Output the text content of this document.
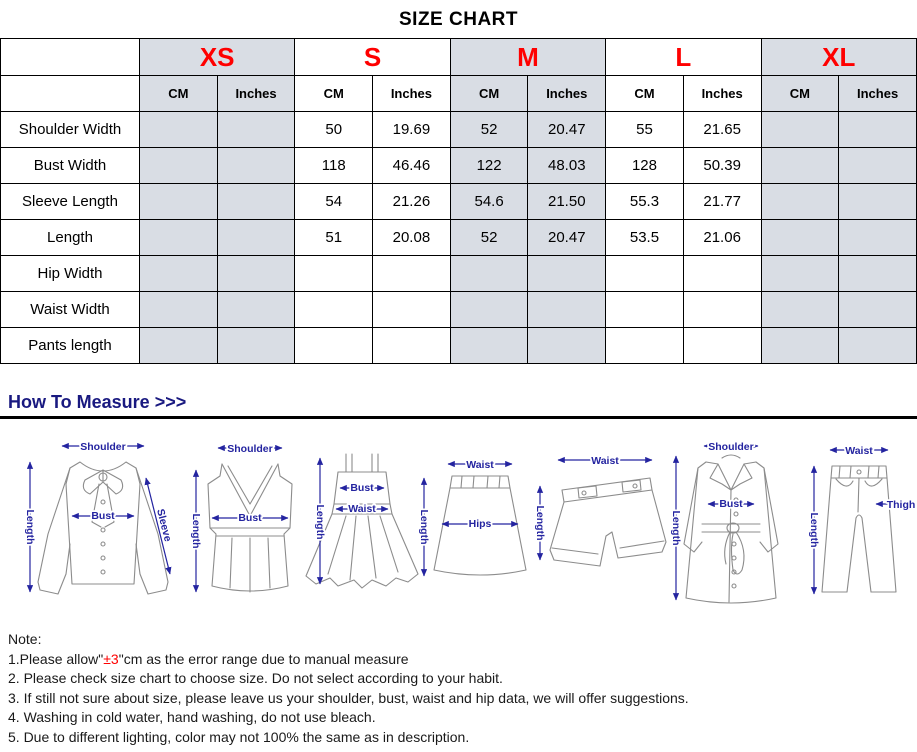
SIZE CHART
	XS		S		M		L		XL	
	CM	Inches	CM	Inches	CM	Inches	CM	Inches	CM	Inches
Shoulder Width			50	19.69	52	20.47	55	21.65		
Bust Width			118	46.46	122	48.03	128	50.39		
Sleeve Length			54	21.26	54.6	21.50	55.3	21.77		
Length			51	20.08	52	20.47	53.5	21.06		
Hip Width										
Waist Width										
Pants length										
How To Measure >>>
Shoulder
Bust	Sleeve
Length
Shoulder
Bust
Length
Bust
Waist
Length
Waist
Hips
Length
Waist
Length
Shoulder
Bust
Length
Waist
Thigh
Length
Note:
1.Please allow"±3"cm as the error range due to manual measure
2. Please check size chart to choose size. Do not select according to your habit.
3. If still not sure about size, please leave us your shoulder, bust, waist and hip data, we will offer suggestions.
4. Washing in cold water, hand washing, do not use bleach.
5. Due to different lighting, color may not 100% the same as in description.
